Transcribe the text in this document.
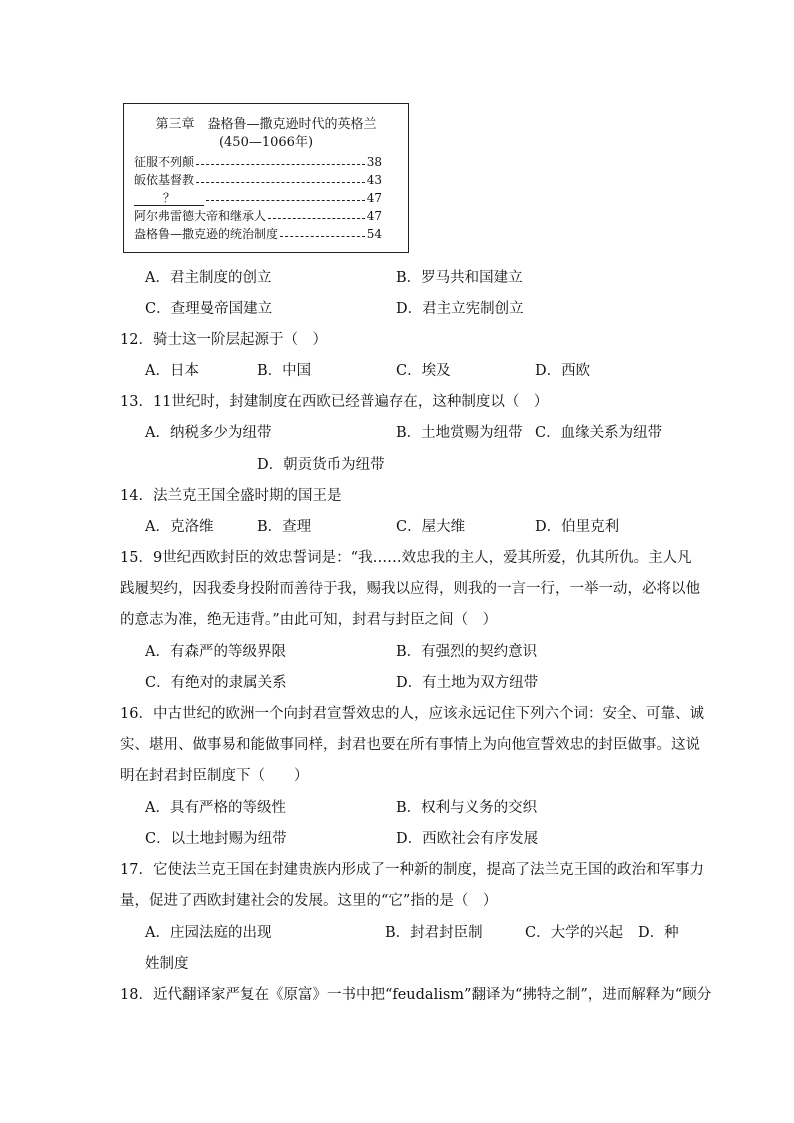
第三章　盎格鲁—撒克逊时代的英格兰
(450—1066年)
征服不列颠	38
皈依基督教	43
？	47
阿尔弗雷德大帝和继承人	47
盎格鲁—撒克逊的统治制度	54
A．君主制度的创立	B．罗马共和国建立
C．查理曼帝国建立	D．君主立宪制创立
12．骑士这一阶层起源于（　）
A．日本	B．中国	C．埃及	D．西欧
13．11世纪时，封建制度在西欧已经普遍存在，这种制度以（　）
A．纳税多少为纽带	B．土地赏赐为纽带 C．血缘关系为纽带
D．朝贡货币为纽带
14．法兰克王国全盛时期的国王是
A．克洛维	B．查理	C．屋大维	D．伯里克利
15．9世纪西欧封臣的效忠誓词是：“我……效忠我的主人，爱其所爱，仇其所仇。主人凡
践履契约，因我委身投附而善待于我，赐我以应得，则我的一言一行，一举一动，必将以他
的意志为准，绝无违背。”由此可知，封君与封臣之间（　）
A．有森严的等级界限	B．有强烈的契约意识
C．有绝对的隶属关系	D．有土地为双方纽带
16．中古世纪的欧洲一个向封君宣誓效忠的人，应该永远记住下列六个词：安全、可靠、诚
实、堪用、做事易和能做事同样，封君也要在所有事情上为向他宣誓效忠的封臣做事。这说
明在封君封臣制度下（　　）
A．具有严格的等级性	B．权利与义务的交织
C．以土地封赐为纽带	D．西欧社会有序发展
17．它使法兰克王国在封建贵族内形成了一种新的制度，提高了法兰克王国的政治和军事力
量，促进了西欧封建社会的发展。这里的“它”指的是（　）
A．庄园法庭的出现	B．封君封臣制	C．大学的兴起 D．种
姓制度
18．近代翻译家严复在《原富》一书中把“feudalism”翻译为“拂特之制”，进而解释为“顾分
